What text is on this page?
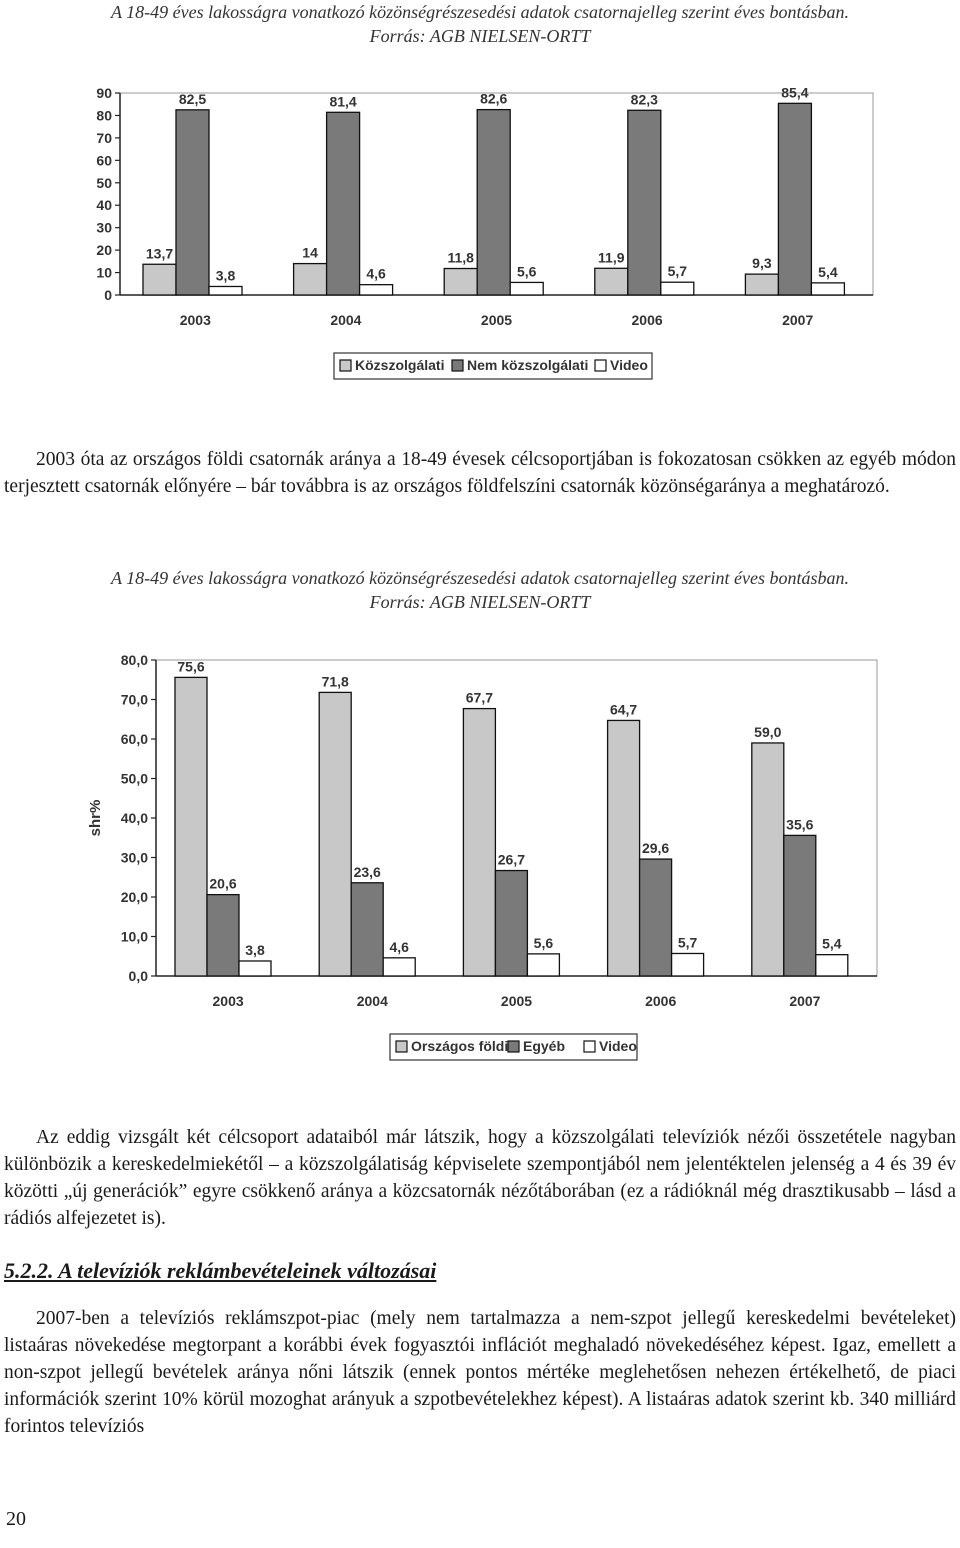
A 18-49 éves lakosságra vonatkozó közönségrészesedési adatok csatornajelleg szerint éves bontásban.
Forrás: AGB NIELSEN-ORTT
0
10
20
30
40
50
60
70
80
90
13,7
82,5
3,8
2003
14
81,4
4,6
2004
11,8
82,6
5,6
2005
11,9
82,3
5,7
2006
9,3
85,4
5,4
2007
Közszolgálati Nem közszolgálati Video
2003 óta az országos földi csatornák aránya a 18-49 évesek célcsoportjában is fokozatosan csökken az egyéb módon terjesztett csatornák előnyére – bár továbbra is az országos földfelszíni csatornák közönségaránya a meghatározó.
A 18-49 éves lakosságra vonatkozó közönségrészesedési adatok csatornajelleg szerint éves bontásban.
Forrás: AGB NIELSEN-ORTT
0,0
10,0
20,0
30,0
40,0
50,0
60,0
70,0
80,0
shr%
75,6
20,6
3,8
2003
71,8
23,6
4,6
2004
67,7
26,7
5,6
2005
64,7
29,6
5,7
2006
59,0
35,6
5,4
2007
Országos földi Egyéb Video
Az eddig vizsgált két célcsoport adataiból már látszik, hogy a közszolgálati televíziók nézői összetétele nagyban különbözik a kereskedelmiekétől – a közszolgálatiság képviselete szempontjából nem jelentéktelen jelenség a 4 és 39 év közötti „új generációk” egyre csökkenő aránya a közcsatornák nézőtáborában (ez a rádióknál még drasztikusabb – lásd a rádiós alfejezetet is).
5.2.2. A televíziók reklámbevételeinek változásai
2007-ben a televíziós reklámszpot-piac (mely nem tartalmazza a nem-szpot jellegű kereskedelmi bevételeket) listaáras növekedése megtorpant a korábbi évek fogyasztói inflációt meghaladó növekedéséhez képest. Igaz, emellett a non-szpot jellegű bevételek aránya nőni látszik (ennek pontos mértéke meglehetősen nehezen értékelhető, de piaci információk szerint 10% körül mozoghat arányuk a szpotbevételekhez képest). A listaáras adatok szerint kb. 340 milliárd forintos televíziós
20
